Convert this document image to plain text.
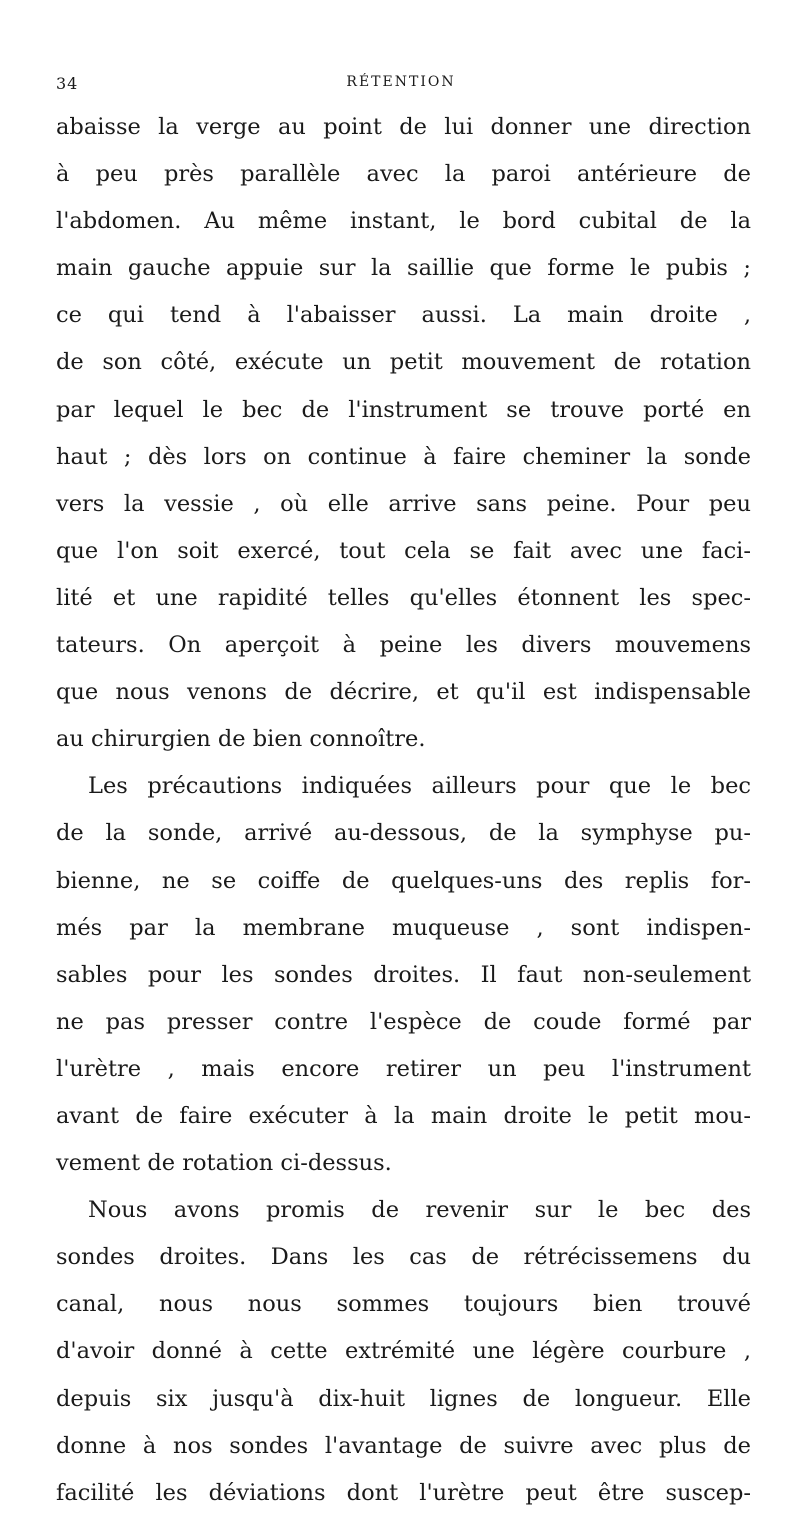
34	RÉTENTION
abaisse la verge au point de lui donner une direction
à peu près parallèle avec la paroi antérieure de
l'abdomen. Au même instant, le bord cubital de la
main gauche appuie sur la saillie que forme le pubis ;
ce qui tend à l'abaisser aussi. La main droite ,
de son côté, exécute un petit mouvement de rotation
par lequel le bec de l'instrument se trouve porté en
haut ; dès lors on continue à faire cheminer la sonde
vers la vessie , où elle arrive sans peine. Pour peu
que l'on soit exercé, tout cela se fait avec une faci-
lité et une rapidité telles qu'elles étonnent les spec-
tateurs. On aperçoit à peine les divers mouvemens
que nous venons de décrire, et qu'il est indispensable
au chirurgien de bien connoître.
Les précautions indiquées ailleurs pour que le bec
de la sonde, arrivé au-dessous, de la symphyse pu-
bienne, ne se coiffe de quelques-uns des replis for-
més par la membrane muqueuse , sont indispen-
sables pour les sondes droites. Il faut non-seulement
ne pas presser contre l'espèce de coude formé par
l'urètre , mais encore retirer un peu l'instrument
avant de faire exécuter à la main droite le petit mou-
vement de rotation ci-dessus.
Nous avons promis de revenir sur le bec des
sondes droites. Dans les cas de rétrécissemens du
canal, nous nous sommes toujours bien trouvé
d'avoir donné à cette extrémité une légère courbure ,
depuis six jusqu'à dix-huit lignes de longueur. Elle
donne à nos sondes l'avantage de suivre avec plus de
facilité les déviations dont l'urètre peut être suscep-
